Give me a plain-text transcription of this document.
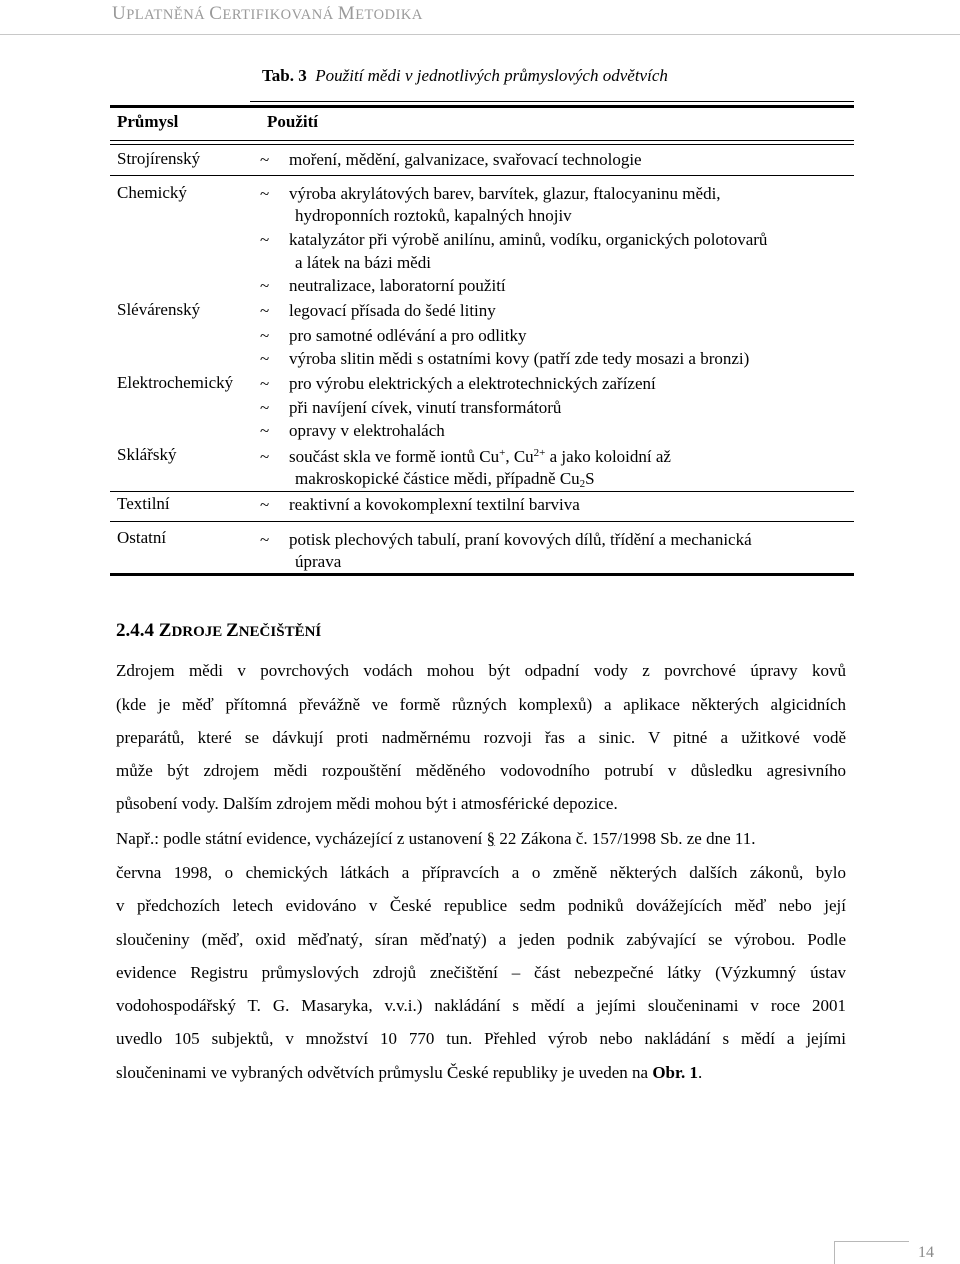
UPLATNĚNÁ CERTIFIKOVANÁ METODIKA
Tab. 3 Použití mědi v jednotlivých průmyslových odvětvích
Průmysl	Použití
Strojírenský	~ moření, mědění, galvanizace, svařovací technologie
Chemický	~ výroba akrylátových barev, barvítek, glazur, ftalocyaninu mědi,
hydroponních roztoků, kapalných hnojiv
~ katalyzátor při výrobě anilínu, aminů, vodíku, organických polotovarů
a látek na bázi mědi
~ neutralizace, laboratorní použití
Slévárenský	~ legovací přísada do šedé litiny
~ pro samotné odlévání a pro odlitky
~ výroba slitin mědi s ostatními kovy (patří zde tedy mosazi a bronzi)
Elektrochemický ~ pro výrobu elektrických a elektrotechnických zařízení
~ při navíjení cívek, vinutí transformátorů
~ opravy v elektrohalách
Sklářský	~ součást skla ve formě iontů Cu+, $Cu^{2+}$ a jako koloidní až
makroskopické částice mědi, případně $Cu_2S$
Textilní	~ reaktivní a kovokomplexní textilní barviva
Ostatní	~ potisk plechových tabulí, praní kovových dílů, třídění a mechanická
úprava
2.4.4 ZDROJE ZNEČIŠTĚNÍ
Zdrojem mědi v povrchových vodách mohou být odpadní vody z povrchové úpravy kovů
(kde je měď přítomná převážně ve formě různých komplexů) a aplikace některých algicidních
preparátů, které se dávkují proti nadměrnému rozvoji řas a sinic. V pitné a užitkové vodě
může být zdrojem mědi rozpouštění měděného vodovodního potrubí v důsledku agresivního
působení vody. Dalším zdrojem mědi mohou být i atmosférické depozice.
Např.: podle státní evidence, vycházející z ustanovení § 22 Zákona č. 157/1998 Sb. ze dne 11.
června 1998, o chemických látkách a přípravcích a o změně některých dalších zákonů, bylo
v předchozích letech evidováno v České republice sedm podniků dovážejících měď nebo její
sloučeniny (měď, oxid měďnatý, síran měďnatý) a jeden podnik zabývající se výrobou. Podle
evidence Registru průmyslových zdrojů znečištění – část nebezpečné látky (Výzkumný ústav
vodohospodářský T. G. Masaryka, v.v.i.) nakládání s mědí a jejími sloučeninami v roce 2001
uvedlo 105 subjektů, v množství 10 770 tun. Přehled výrob nebo nakládání s mědí a jejími
sloučeninami ve vybraných odvětvích průmyslu České republiky je uveden na Obr. 1.
14
